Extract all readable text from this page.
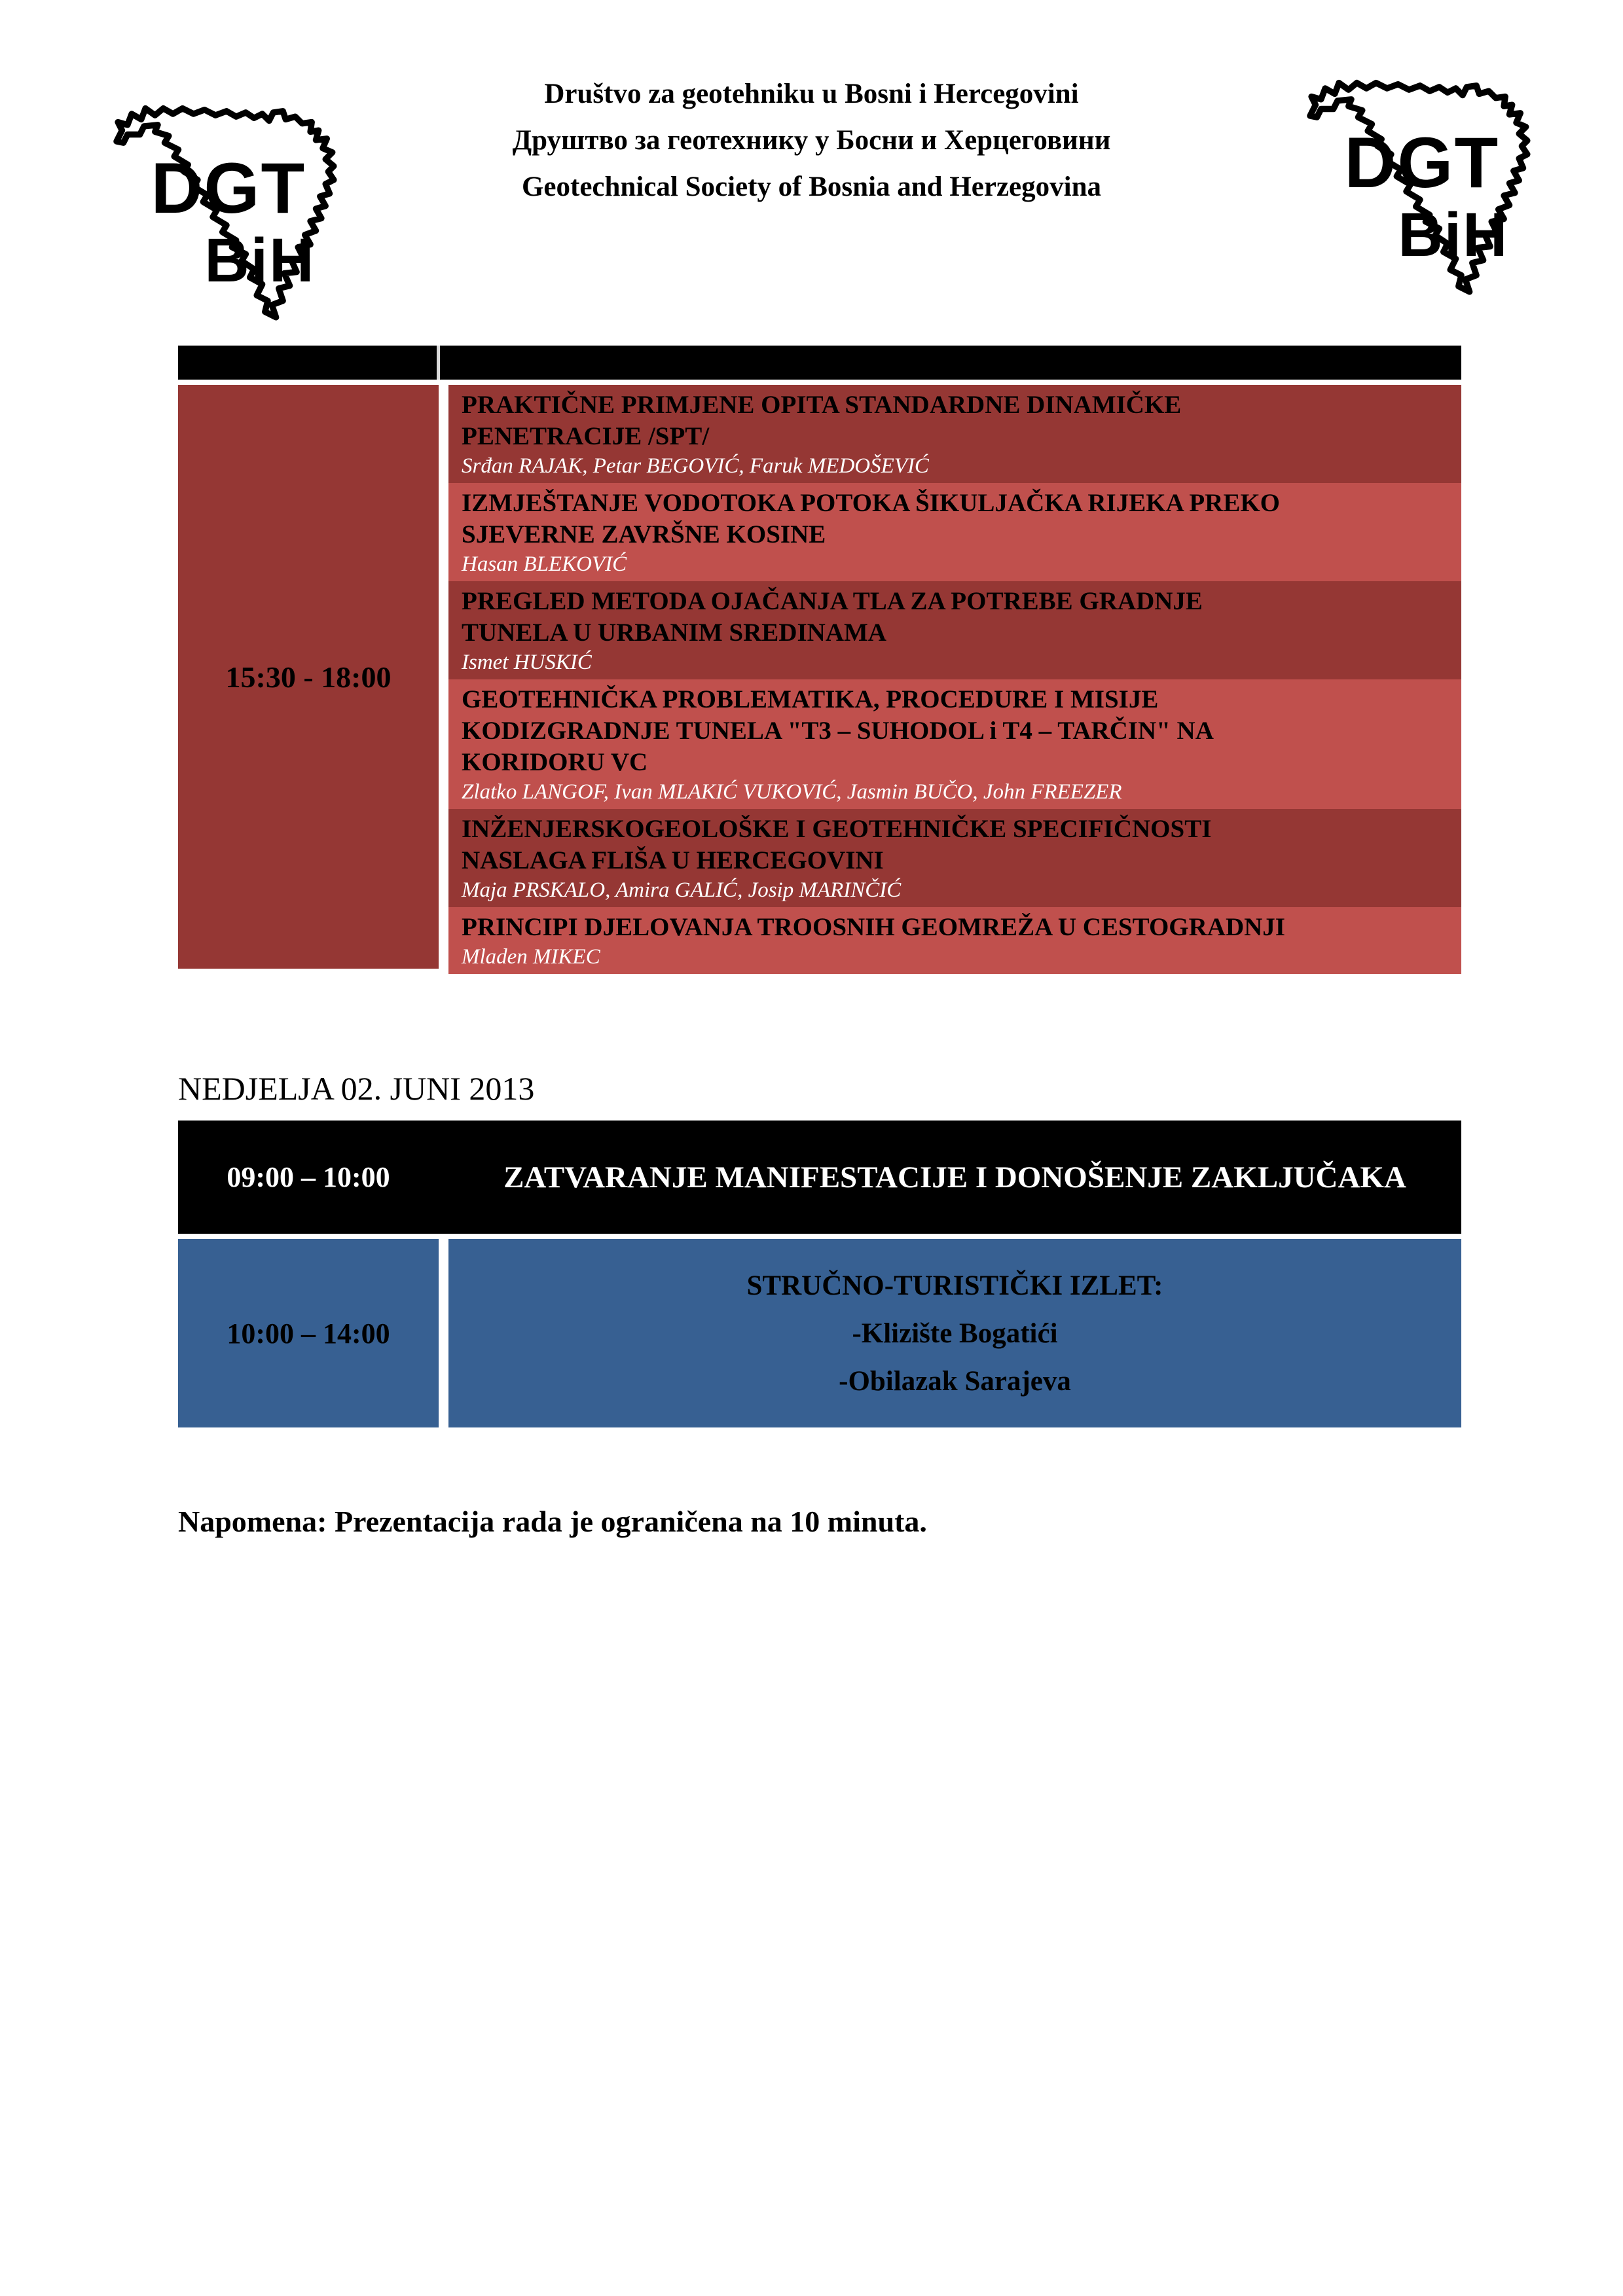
DGT
BiH
DGT
BiH
Društvo za geotehniku u Bosni i Hercegovini
Друштво за геотехнику у Босни и Херцеговини
Geotechnical Society of Bosnia and Herzegovina
15:30 - 18:00
PRAKTIČNE PRIMJENE OPITA STANDARDNE DINAMIČKE
PENETRACIJE /SPT/
Srđan RAJAK, Petar BEGOVIĆ, Faruk MEDOŠEVIĆ
IZMJEŠTANJE VODOTOKA POTOKA ŠIKULJAČKA RIJEKA PREKO
SJEVERNE ZAVRŠNE KOSINE
Hasan BLEKOVIĆ
PREGLED METODA OJAČANJA TLA ZA POTREBE GRADNJE
TUNELA U URBANIM SREDINAMA
Ismet HUSKIĆ
GEOTEHNIČKA PROBLEMATIKA, PROCEDURE I MISIJE
KODIZGRADNJE TUNELA "T3 – SUHODOL i T4 – TARČIN" NA
KORIDORU VC
Zlatko LANGOF, Ivan MLAKIĆ VUKOVIĆ, Jasmin BUČO, John FREEZER
INŽENJERSKOGEOLOŠKE I GEOTEHNIČKE SPECIFIČNOSTI
NASLAGA FLIŠA U HERCEGOVINI
Maja PRSKALO, Amira GALIĆ, Josip MARINČIĆ
PRINCIPI DJELOVANJA TROOSNIH GEOMREŽA U CESTOGRADNJI
Mladen MIKEC
NEDJELJA 02. JUNI 2013
09:00 – 10:00	ZATVARANJE MANIFESTACIJE I DONOŠENJE ZAKLJUČAKA
10:00 – 14:00
STRUČNO-TURISTIČKI IZLET:
-Klizište Bogatići
-Obilazak Sarajeva
Napomena: Prezentacija rada je ograničena na 10 minuta.
